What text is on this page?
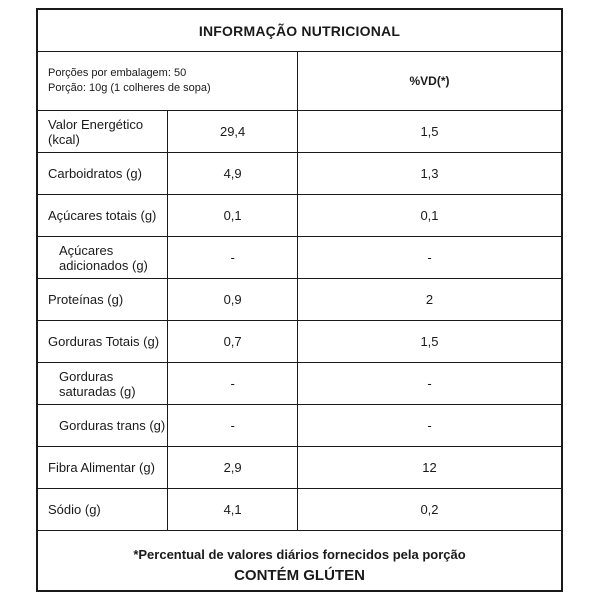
INFORMAÇÃO NUTRICIONAL
Porções por embalagem: 50
Porção: 10g (1 colheres de sopa)		%VD(*)
Valor Energético (kcal)	29,4	1,5
Carboidratos (g)	4,9	1,3
Açúcares totais (g)	0,1	0,1
Açúcares adicionados (g)	-	-
Proteínas (g)	0,9	2
Gorduras Totais (g)	0,7	1,5
Gorduras saturadas (g)	-	-
Gorduras trans (g)	-	-
Fibra Alimentar (g)	2,9	12
Sódio (g)	4,1	0,2
*Percentual de valores diários fornecidos pela porção
CONTÉM GLÚTEN
